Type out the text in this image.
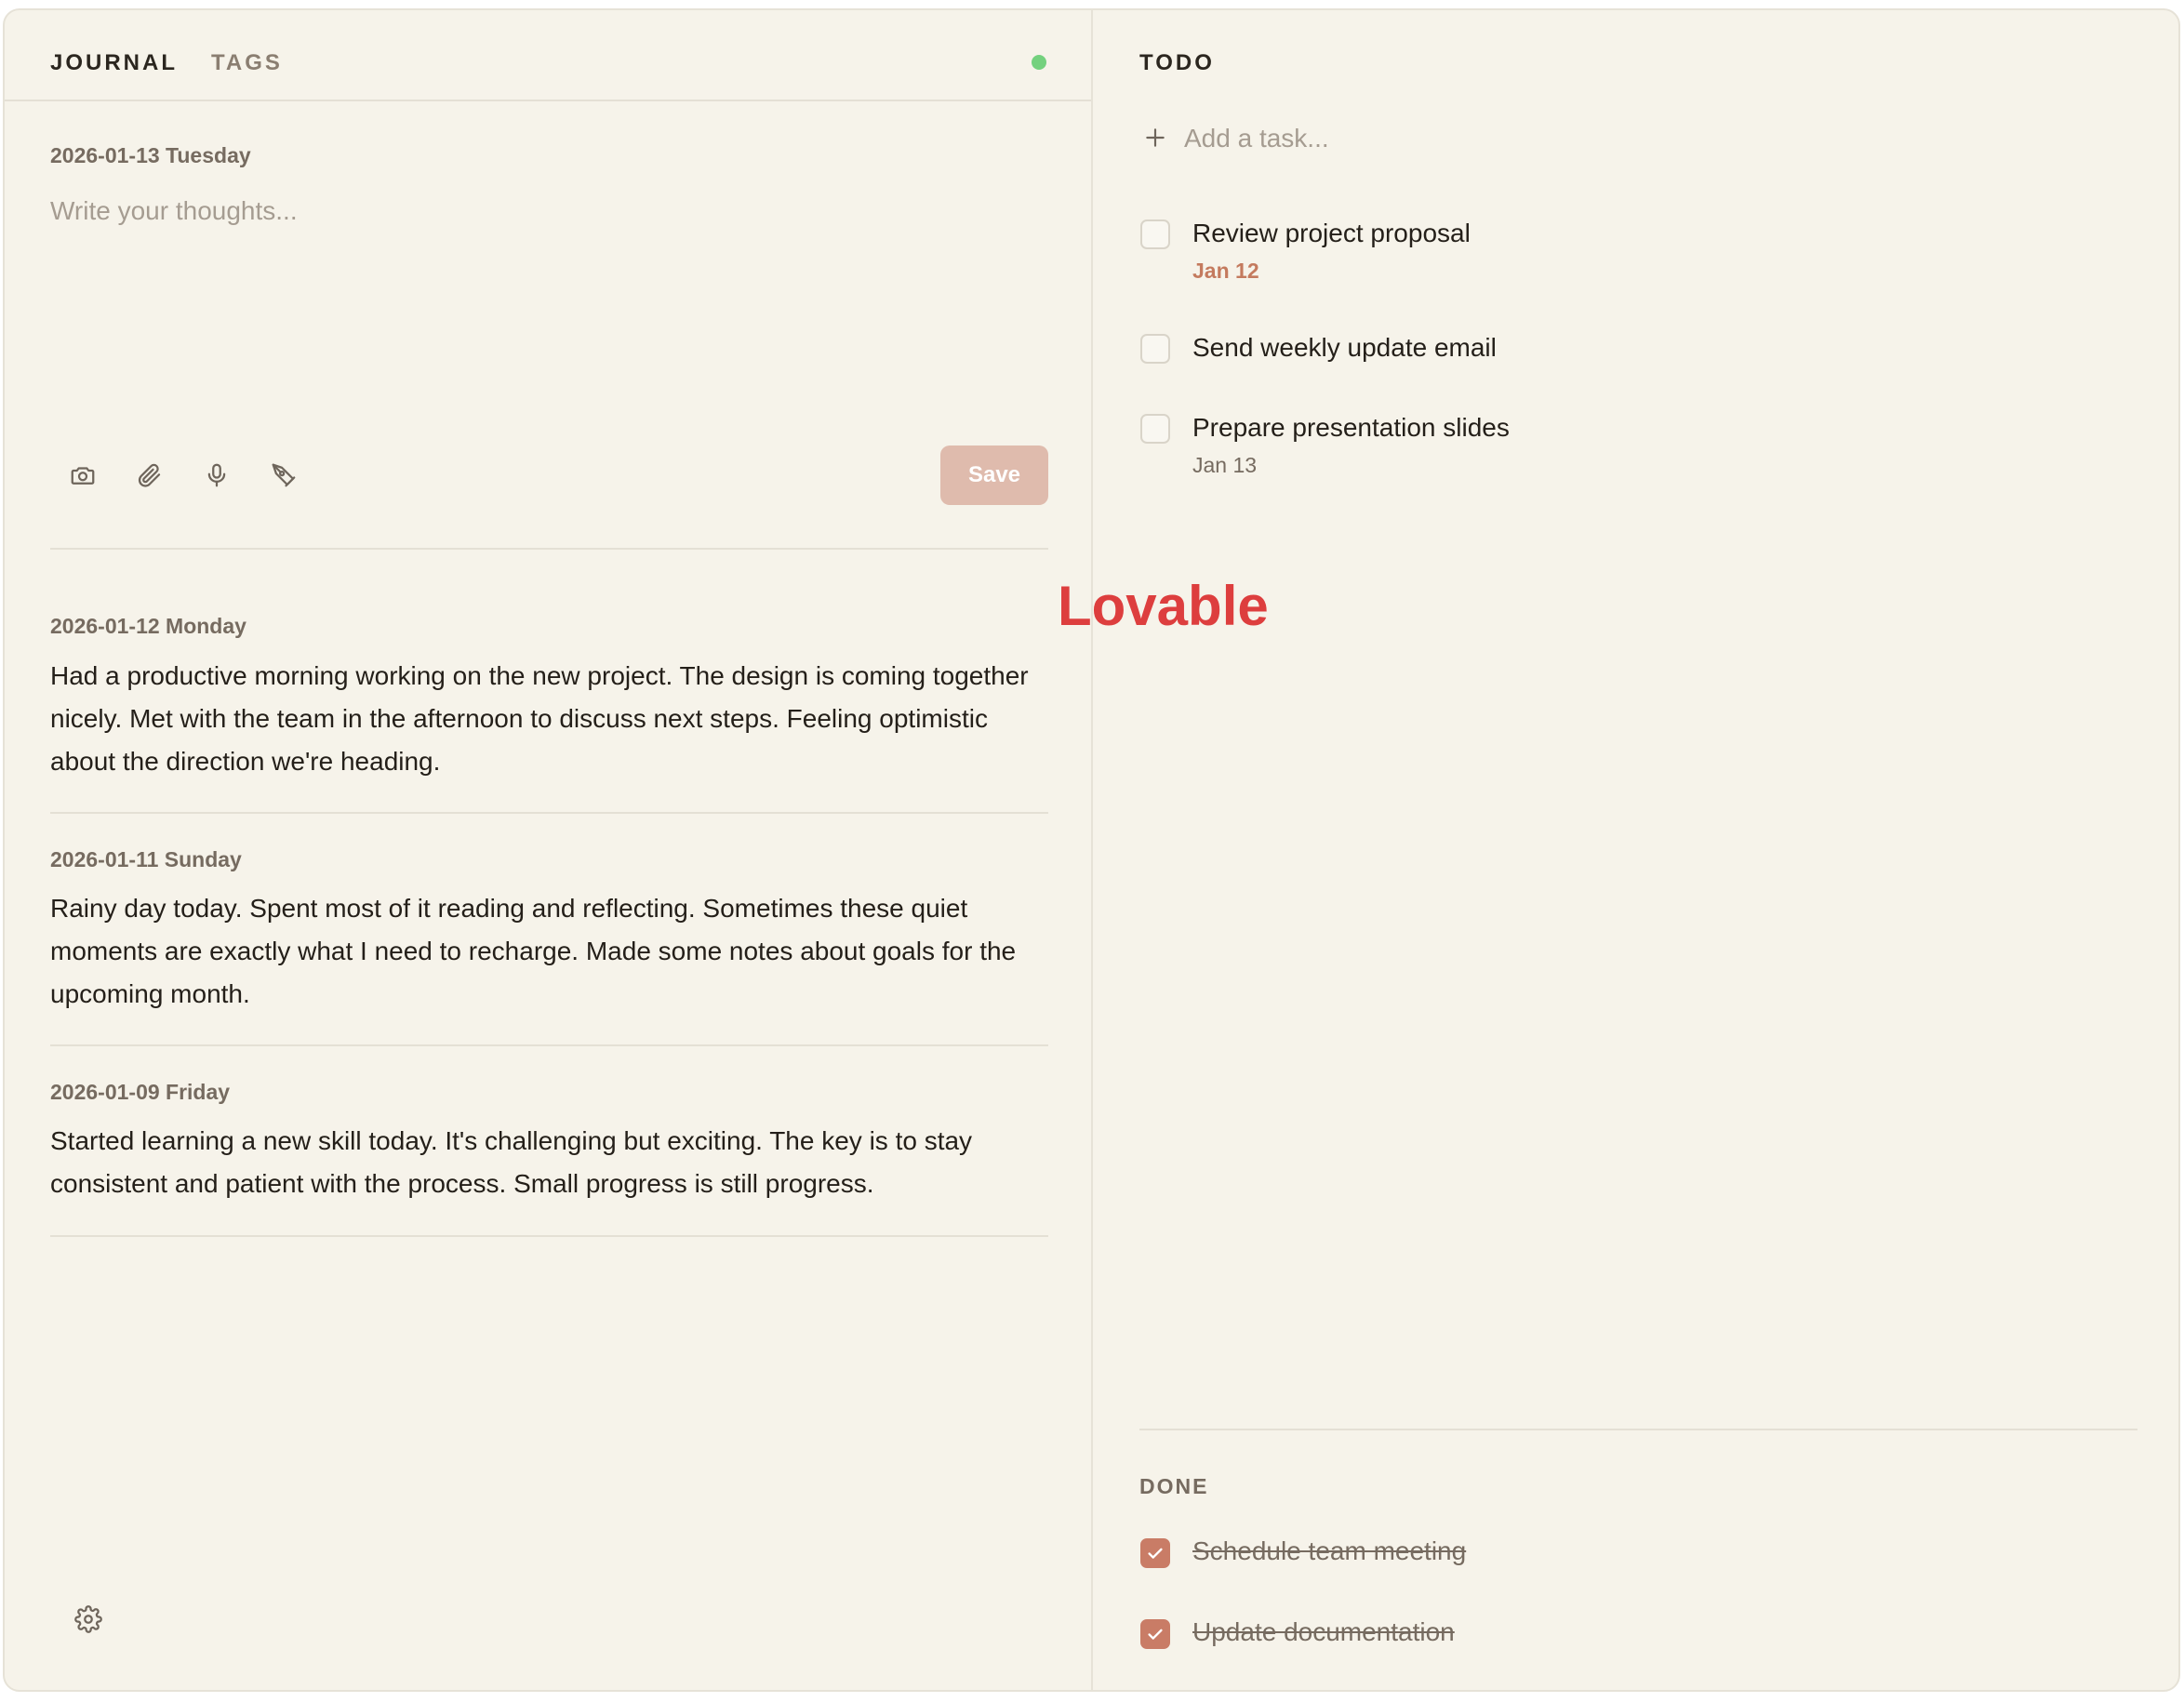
JOURNAL TAGS
2026-01-13 Tuesday
Write your thoughts...
Save
2026-01-12 Monday
Had a productive morning working on the new project. The design is coming together nicely. Met with the team in the afternoon to discuss next steps. Feeling optimistic about the direction we're heading.
2026-01-11 Sunday
Rainy day today. Spent most of it reading and reflecting. Sometimes these quiet moments are exactly what I need to recharge. Made some notes about goals for the upcoming month.
2026-01-09 Friday
Started learning a new skill today. It's challenging but exciting. The key is to stay consistent and patient with the process. Small progress is still progress.
TODO
Add a task...
Review project proposal
Jan 12
Send weekly update email
Prepare presentation slides
Jan 13
DONE
Schedule team meeting
Update documentation
Lovable
